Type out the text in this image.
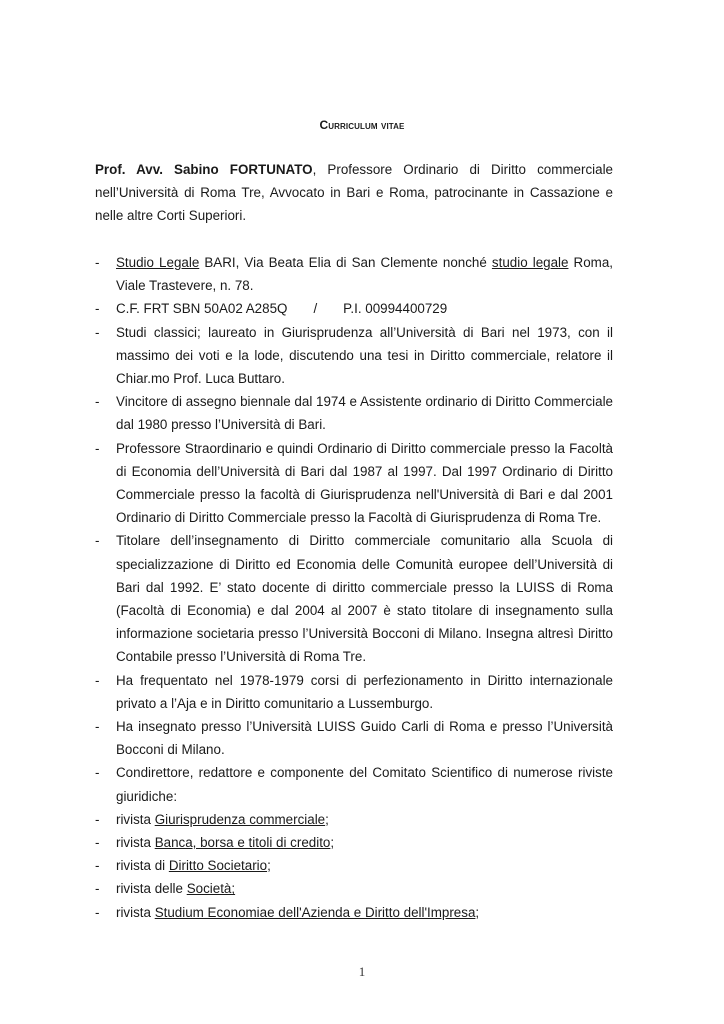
Curriculum vitae

Prof. Avv. Sabino FORTUNATO, Professore Ordinario di Diritto commerciale nell’Università di Roma Tre, Avvocato in Bari e Roma, patrocinante in Cassazione e nelle altre Corti Superiori.

- Studio Legale BARI, Via Beata Elia di San Clemente nonché studio legale Roma, Viale Trastevere, n. 78.
- C.F. FRT SBN 50A02 A285Q / P.I. 00994400729
- Studi classici; laureato in Giurisprudenza all’Università di Bari nel 1973, con il massimo dei voti e la lode, discutendo una tesi in Diritto commerciale, relatore il Chiar.mo Prof. Luca Buttaro.
- Vincitore di assegno biennale dal 1974 e Assistente ordinario di Diritto Commerciale dal 1980 presso l’Università di Bari.
- Professore Straordinario e quindi Ordinario di Diritto commerciale presso la Facoltà di Economia dell’Università di Bari dal 1987 al 1997. Dal 1997 Ordinario di Diritto Commerciale presso la facoltà di Giurisprudenza nell'Università di Bari e dal 2001 Ordinario di Diritto Commerciale presso la Facoltà di Giurisprudenza di Roma Tre.
- Titolare dell’insegnamento di Diritto commerciale comunitario alla Scuola di specializzazione di Diritto ed Economia delle Comunità europee dell’Università di Bari dal 1992. E’ stato docente di diritto commerciale presso la LUISS di Roma (Facoltà di Economia) e dal 2004 al 2007 è stato titolare di insegnamento sulla informazione societaria presso l’Università Bocconi di Milano. Insegna altresì Diritto Contabile presso l’Università di Roma Tre.
- Ha frequentato nel 1978-1979 corsi di perfezionamento in Diritto internazionale privato a l’Aja e in Diritto comunitario a Lussemburgo.
- Ha insegnato presso l’Università LUISS Guido Carli di Roma e presso l’Università Bocconi di Milano.
- Condirettore, redattore e componente del Comitato Scientifico di numerose riviste giuridiche:
- rivista Giurisprudenza commerciale;
- rivista Banca, borsa e titoli di credito;
- rivista di Diritto Societario;
- rivista delle Società;
- rivista Studium Economiae dell'Azienda e Diritto dell'Impresa;
1
